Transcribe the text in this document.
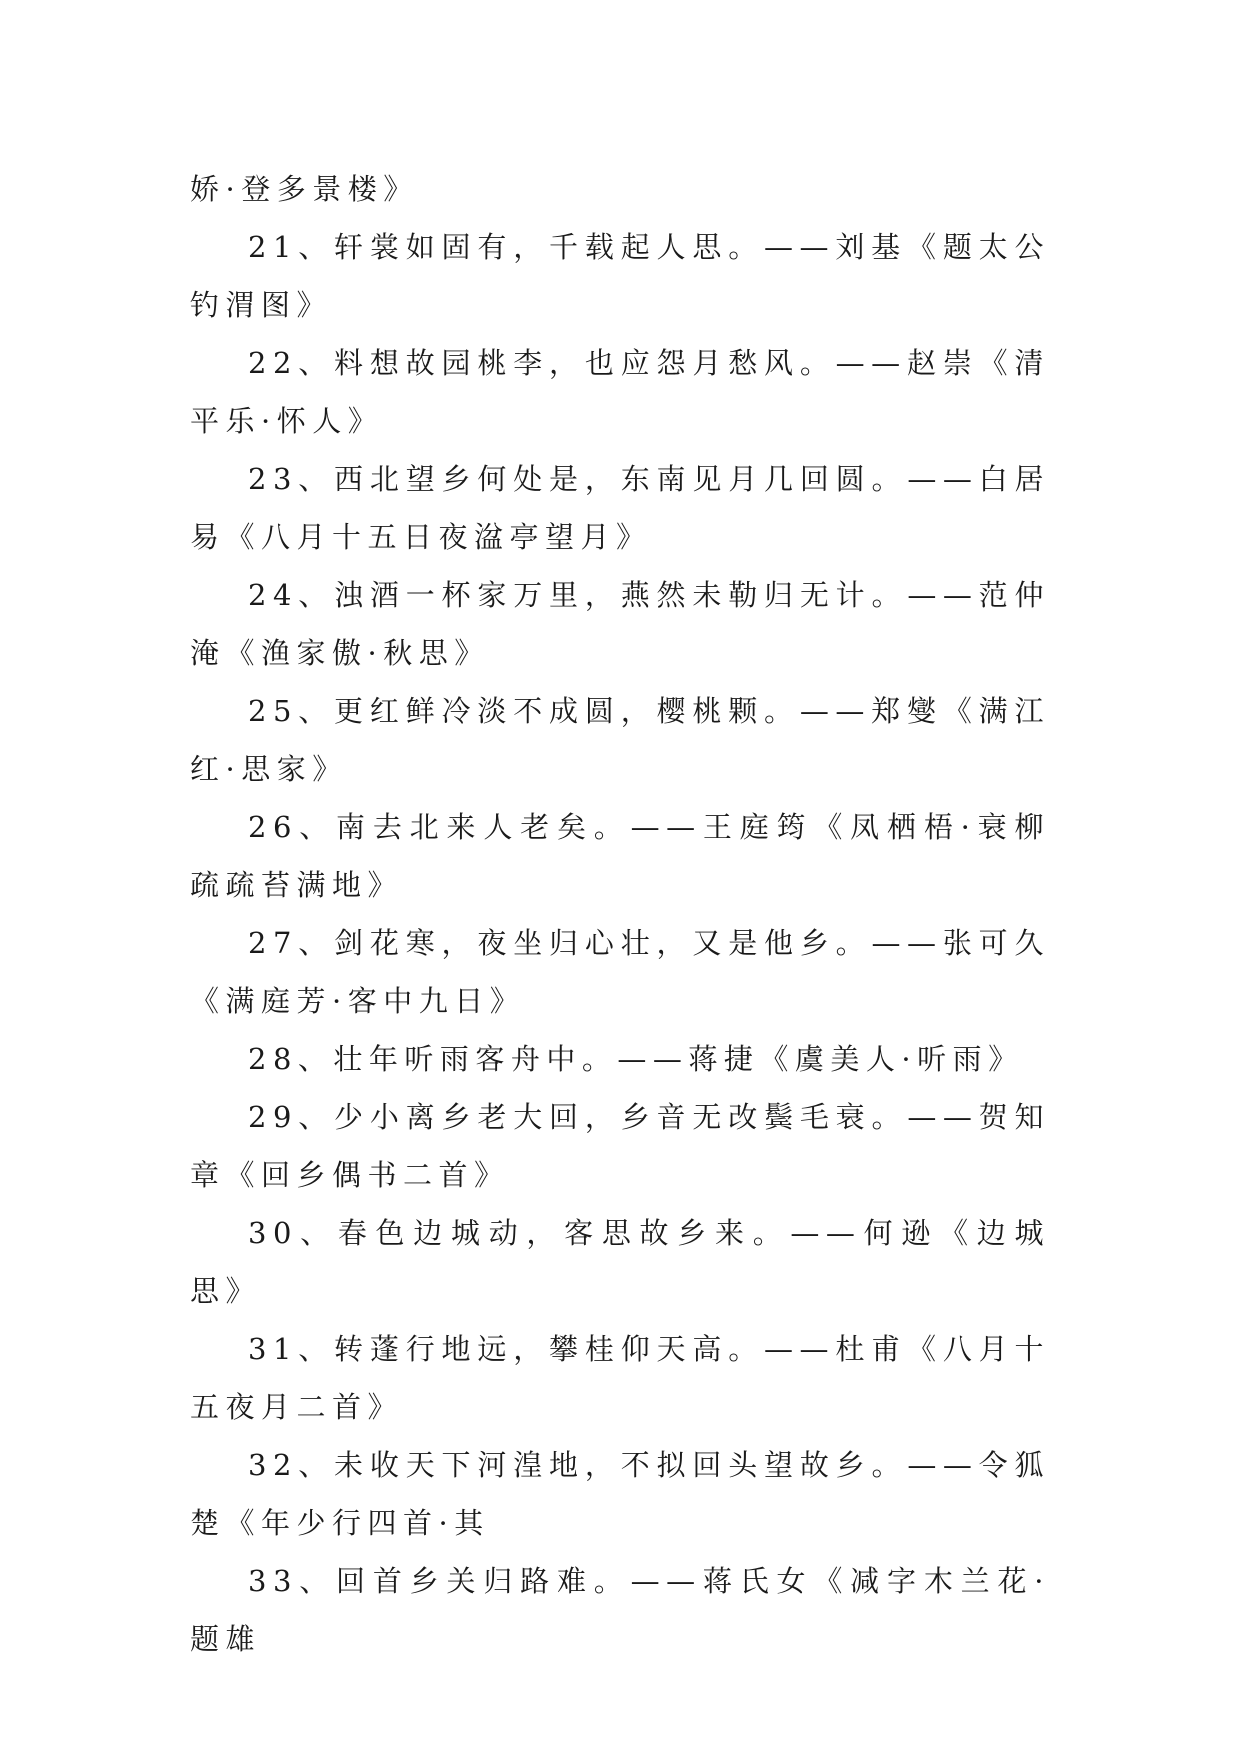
娇·登多景楼》

21、轩裳如固有，千载起人思。——刘基《题太公钓渭图》

22、料想故园桃李，也应怨月愁风。——赵崇《清平乐·怀人》

23、西北望乡何处是，东南见月几回圆。——白居易《八月十五日夜湓亭望月》

24、浊酒一杯家万里，燕然未勒归无计。——范仲淹《渔家傲·秋思》

25、更红鲜冷淡不成圆，樱桃颗。——郑燮《满江红·思家》

26、南去北来人老矣。——王庭筠《凤栖梧·衰柳疏疏苔满地》

27、剑花寒，夜坐归心壮，又是他乡。——张可久《满庭芳·客中九日》

28、壮年听雨客舟中。——蒋捷《虞美人·听雨》

29、少小离乡老大回，乡音无改鬓毛衰。——贺知章《回乡偶书二首》

30、春色边城动，客思故乡来。——何逊《边城思》

31、转蓬行地远，攀桂仰天高。——杜甫《八月十五夜月二首》

32、未收天下河湟地，不拟回头望故乡。——令狐楚《年少行四首·其

33、回首乡关归路难。——蒋氏女《减字木兰花·题雄
